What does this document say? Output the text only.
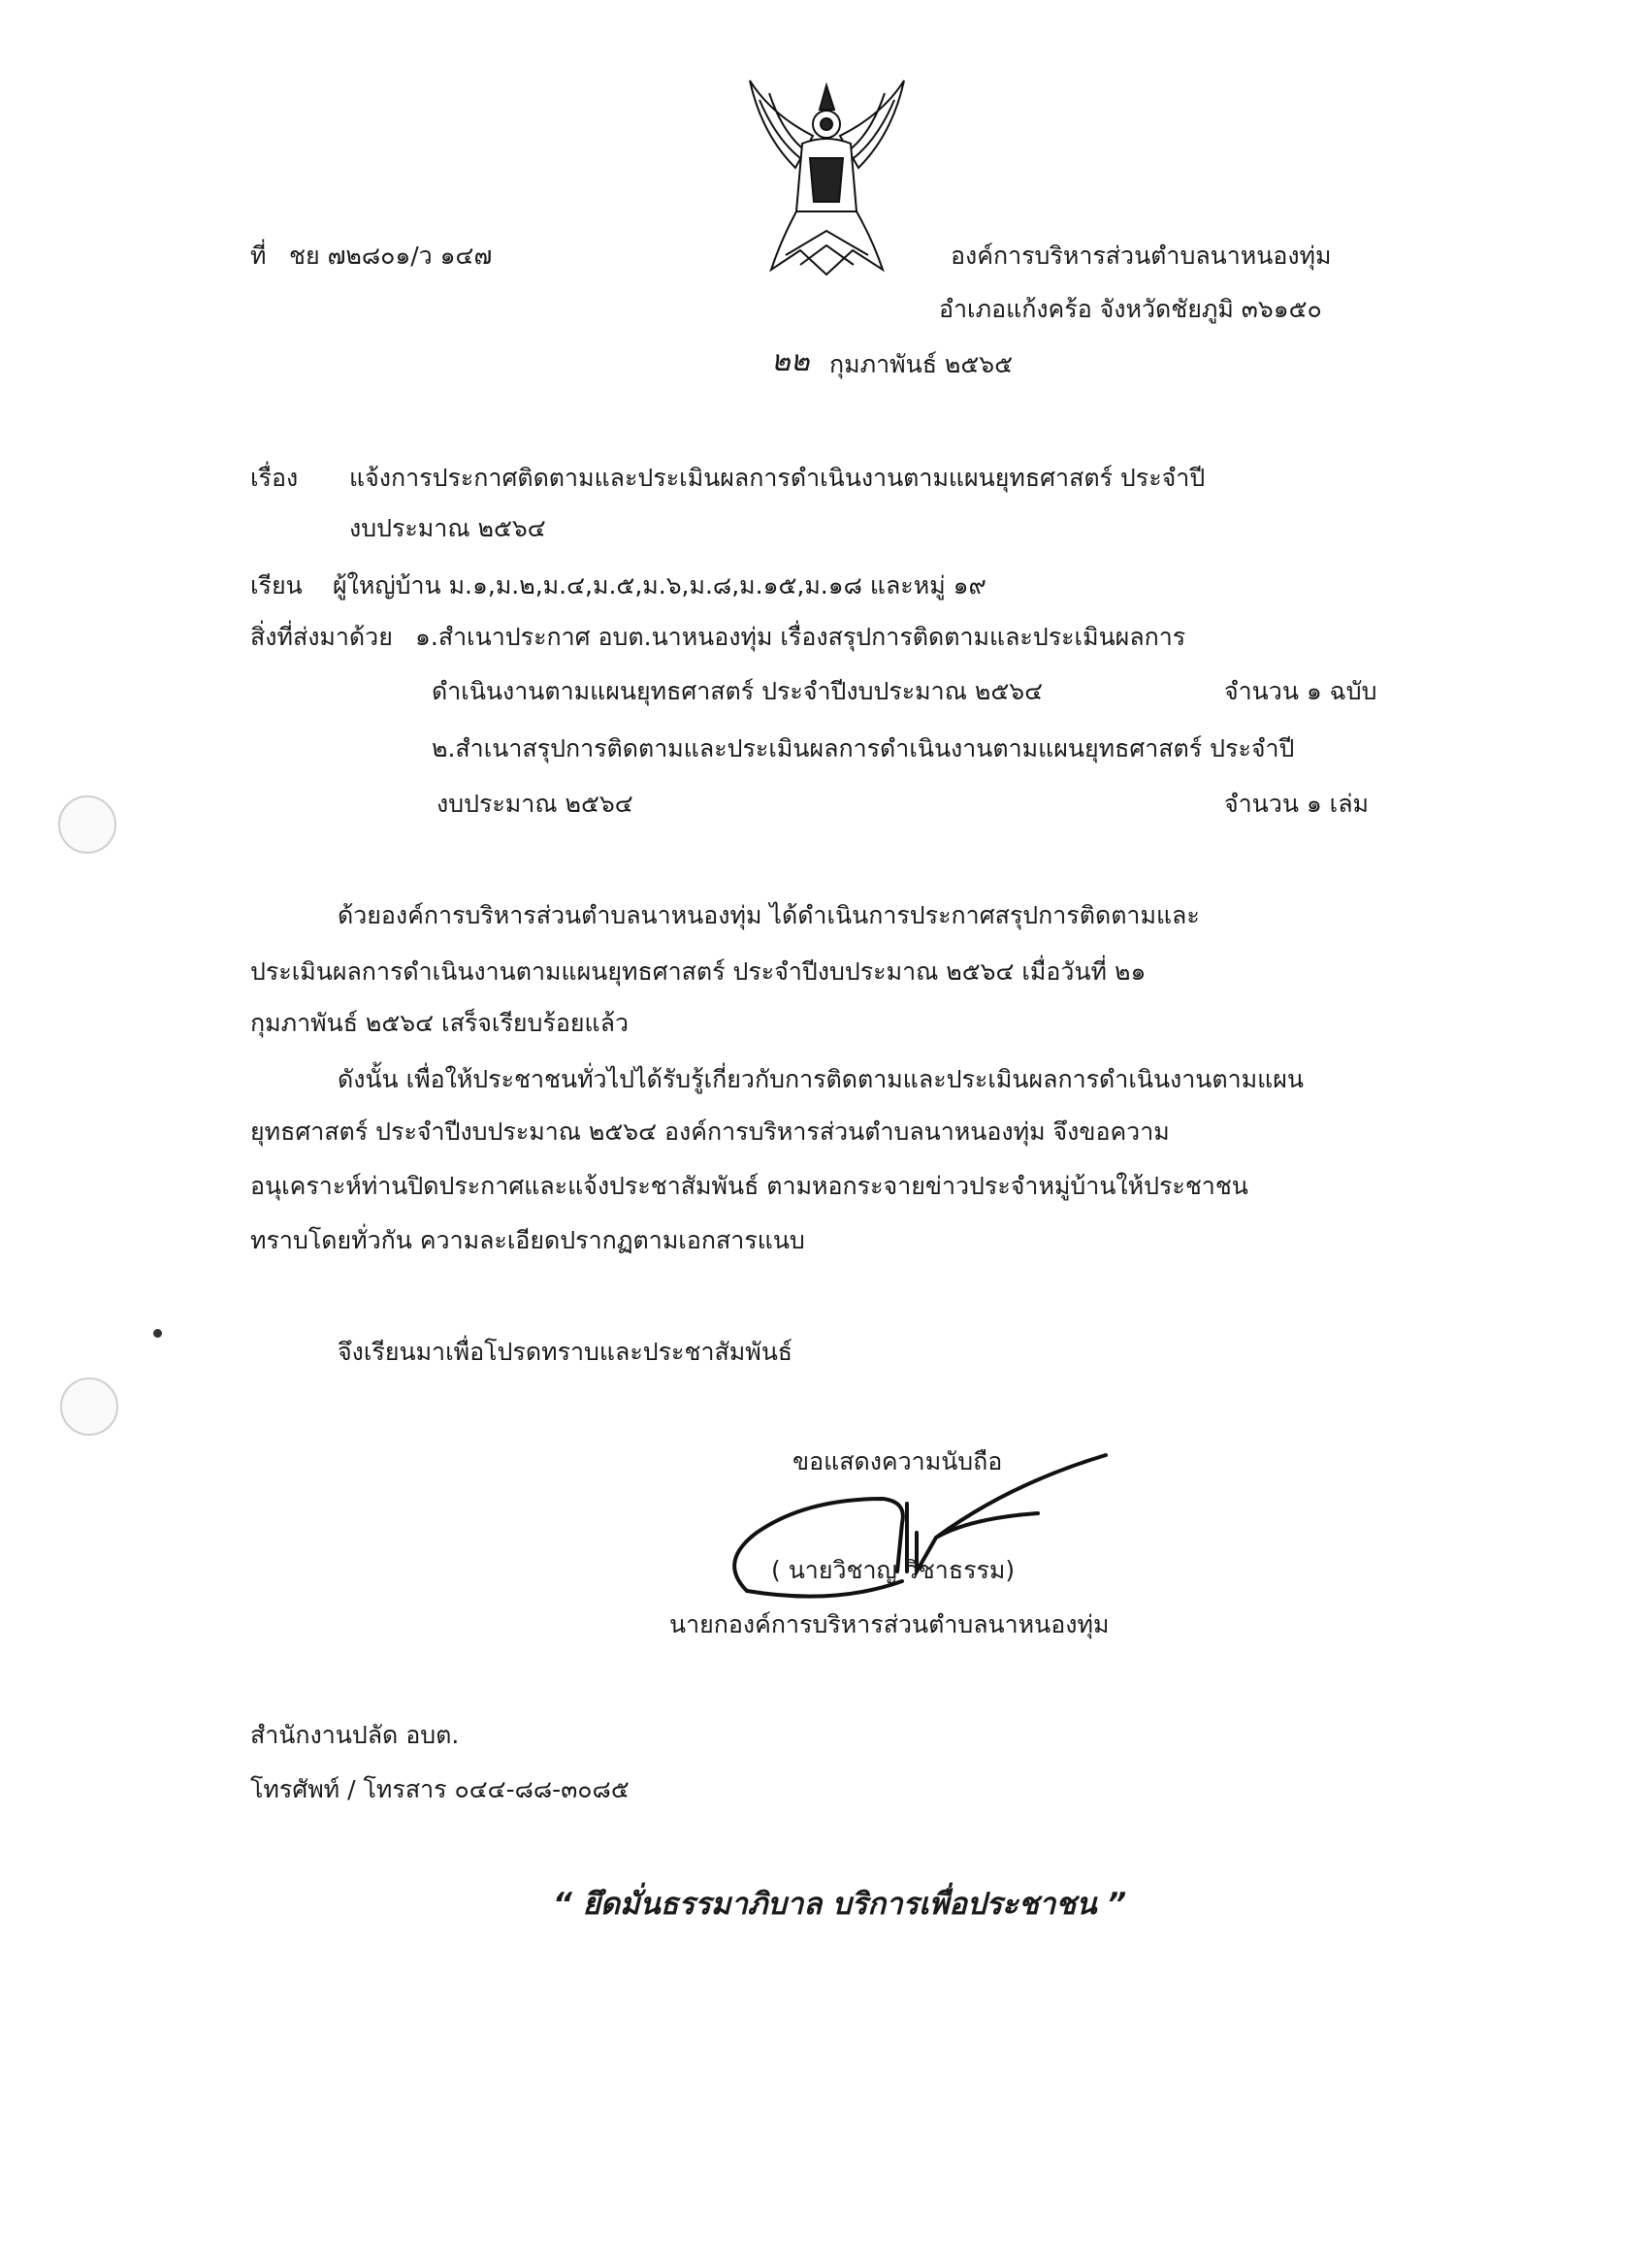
ที่ ชย ๗๒๘๐๑/ว ๑๔๗	องค์การบริหารส่วนตำบลนาหนองทุ่ม
อำเภอแก้งคร้อ จังหวัดชัยภูมิ ๓๖๑๕๐
๒๒ กุมภาพันธ์ ๒๕๖๕
เรื่อง แจ้งการประกาศติดตามและประเมินผลการดำเนินงานตามแผนยุทธศาสตร์ ประจำปี
งบประมาณ ๒๕๖๔
เรียน ผู้ใหญ่บ้าน ม.๑,ม.๒,ม.๔,ม.๕,ม.๖,ม.๘,ม.๑๕,ม.๑๘ และหมู่ ๑๙
สิ่งที่ส่งมาด้วย ๑.สำเนาประกาศ อบต.นาหนองทุ่ม เรื่องสรุปการติดตามและประเมินผลการ
ดำเนินงานตามแผนยุทธศาสตร์ ประจำปีงบประมาณ ๒๕๖๔	จำนวน ๑ ฉบับ
๒.สำเนาสรุปการติดตามและประเมินผลการดำเนินงานตามแผนยุทธศาสตร์ ประจำปี
งบประมาณ ๒๕๖๔	จำนวน ๑ เล่ม
ด้วยองค์การบริหารส่วนตำบลนาหนองทุ่ม ได้ดำเนินการประกาศสรุปการติดตามและ
ประเมินผลการดำเนินงานตามแผนยุทธศาสตร์ ประจำปีงบประมาณ ๒๕๖๔ เมื่อวันที่ ๒๑
กุมภาพันธ์ ๒๕๖๔ เสร็จเรียบร้อยแล้ว
ดังนั้น เพื่อให้ประชาชนทั่วไปได้รับรู้เกี่ยวกับการติดตามและประเมินผลการดำเนินงานตามแผน
ยุทธศาสตร์ ประจำปีงบประมาณ ๒๕๖๔ องค์การบริหารส่วนตำบลนาหนองทุ่ม จึงขอความ
อนุเคราะห์ท่านปิดประกาศและแจ้งประชาสัมพันธ์ ตามหอกระจายข่าวประจำหมู่บ้านให้ประชาชน
ทราบโดยทั่วกัน ความละเอียดปรากฏตามเอกสารแนบ
จึงเรียนมาเพื่อโปรดทราบและประชาสัมพันธ์
ขอแสดงความนับถือ
( นายวิชาญ วิชาธรรม)
นายกองค์การบริหารส่วนตำบลนาหนองทุ่ม
สำนักงานปลัด อบต.
โทรศัพท์ / โทรสาร ๐๔๔-๘๘-๓๐๘๕
“ ยึดมั่นธรรมาภิบาล บริการเพื่อประชาชน ”
